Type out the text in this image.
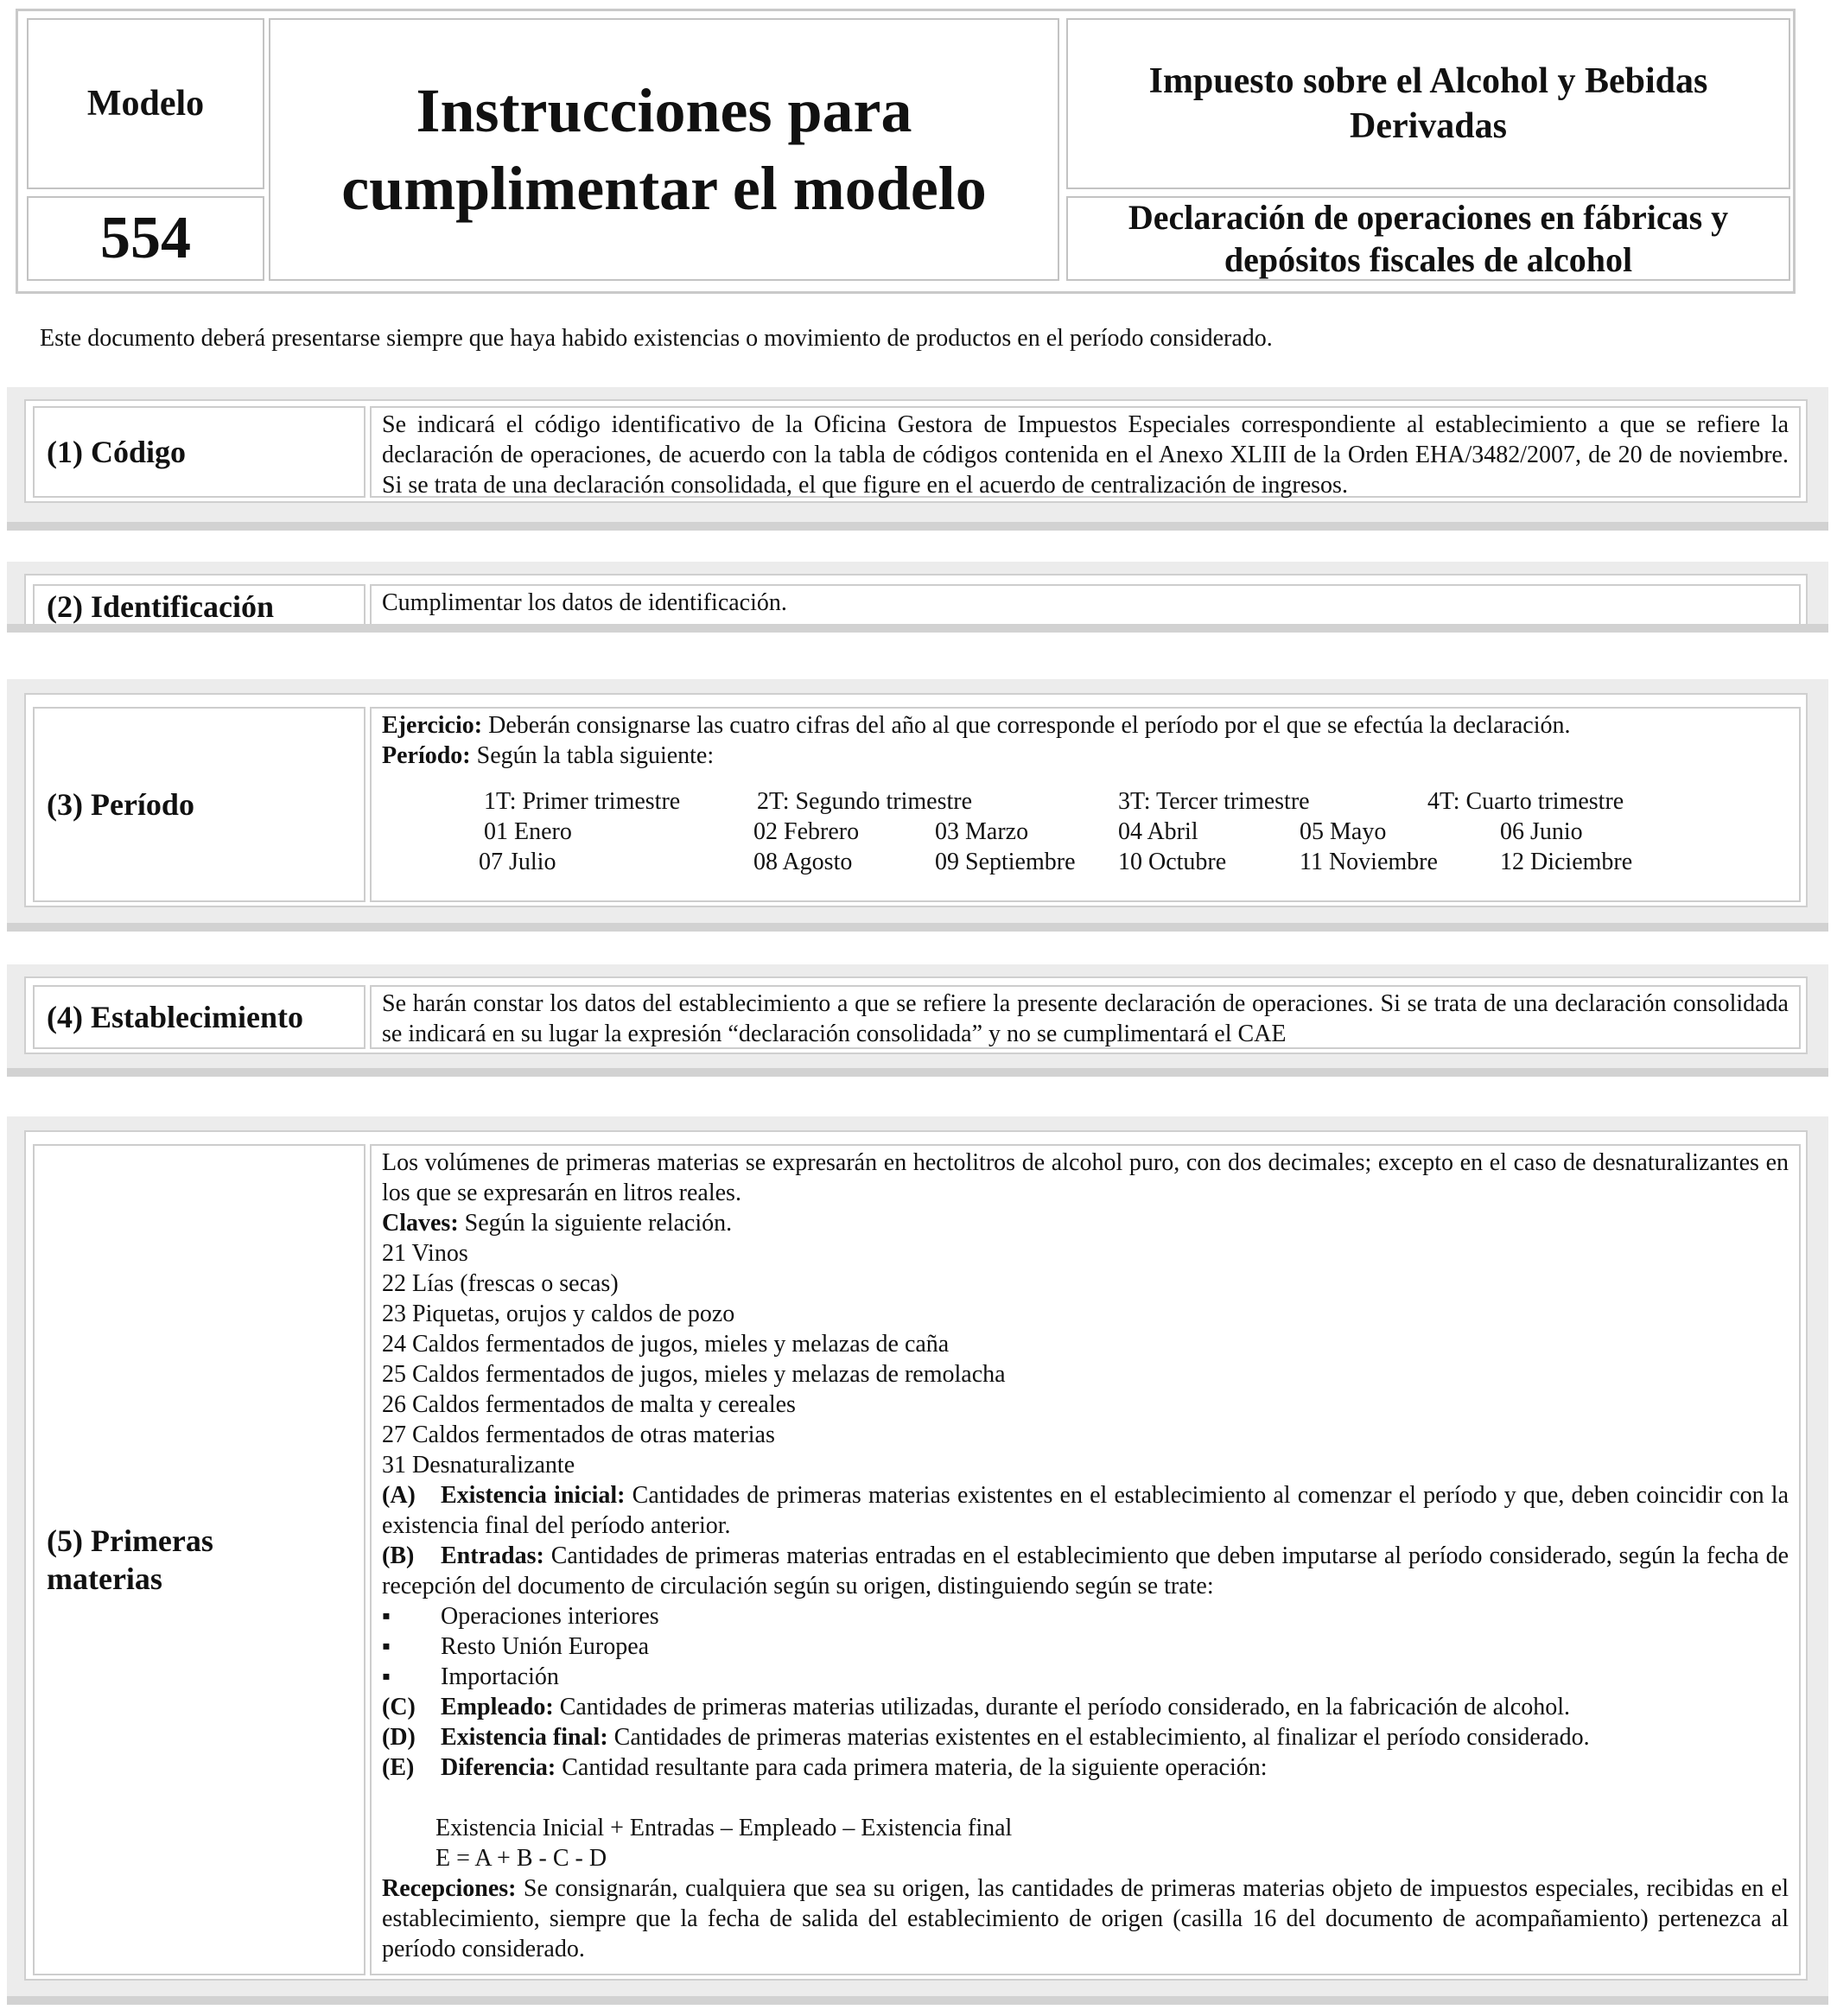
Modelo
554
Instrucciones para
cumplimentar el modelo
Impuesto sobre el Alcohol y Bebidas
Derivadas
Declaración de operaciones en fábricas y
depósitos fiscales de alcohol
Este documento deberá presentarse siempre que haya habido existencias o movimiento de productos en el período considerado.
(1) Código
Se indicará el código identificativo de la Oficina Gestora de Impuestos Especiales correspondiente al establecimiento a que se refiere la declaración de operaciones, de acuerdo con la tabla de códigos contenida en el Anexo XLIII de la Orden EHA/3482/2007, de 20 de noviembre. Si se trata de una declaración consolidada, el que figure en el acuerdo de centralización de ingresos.
(2) Identificación	Cumplimentar los datos de identificación.
(3) Período
Ejercicio: Deberán consignarse las cuatro cifras del año al que corresponde el período por el que se efectúa la declaración.
Período: Según la tabla siguiente:
1T: Primer trimestre	2T: Segundo trimestre	3T: Tercer trimestre	4T: Cuarto trimestre
01 Enero	02 Febrero	03 Marzo	04 Abril	05 Mayo	06 Junio
07 Julio	08 Agosto	09 Septiembre 10 Octubre	11 Noviembre	12 Diciembre
(4) Establecimiento	Se harán constar los datos del establecimiento a que se refiere la presente declaración de operaciones. Si se trata de una declaración consolidada se indicará en su lugar la expresión “declaración consolidada” y no se cumplimentará el CAE
(5) Primeras
materias
Los volúmenes de primeras materias se expresarán en hectolitros de alcohol puro, con dos decimales; excepto en el caso de desnaturalizantes en los que se expresarán en litros reales.
Claves: Según la siguiente relación.
21 Vinos
22 Lías (frescas o secas)
23 Piquetas, orujos y caldos de pozo
24 Caldos fermentados de jugos, mieles y melazas de caña
25 Caldos fermentados de jugos, mieles y melazas de remolacha
26 Caldos fermentados de malta y cereales
27 Caldos fermentados de otras materias
31 Desnaturalizante
(A) Existencia inicial: Cantidades de primeras materias existentes en el establecimiento al comenzar el período y que, deben coincidir con la existencia final del período anterior.
(B) Entradas: Cantidades de primeras materias entradas en el establecimiento que deben imputarse al período considerado, según la fecha de recepción del documento de circulación según su origen, distinguiendo según se trate:
▪ Operaciones interiores
▪ Resto Unión Europea
▪ Importación
(C) Empleado: Cantidades de primeras materias utilizadas, durante el período considerado, en la fabricación de alcohol.
(D) Existencia final: Cantidades de primeras materias existentes en el establecimiento, al finalizar el período considerado.
(E) Diferencia: Cantidad resultante para cada primera materia, de la siguiente operación:
Existencia Inicial + Entradas – Empleado – Existencia final
E = A + B - C - D
Recepciones: Se consignarán, cualquiera que sea su origen, las cantidades de primeras materias objeto de impuestos especiales, recibidas en el establecimiento, siempre que la fecha de salida del establecimiento de origen (casilla 16 del documento de acompañamiento) pertenezca al período considerado.
